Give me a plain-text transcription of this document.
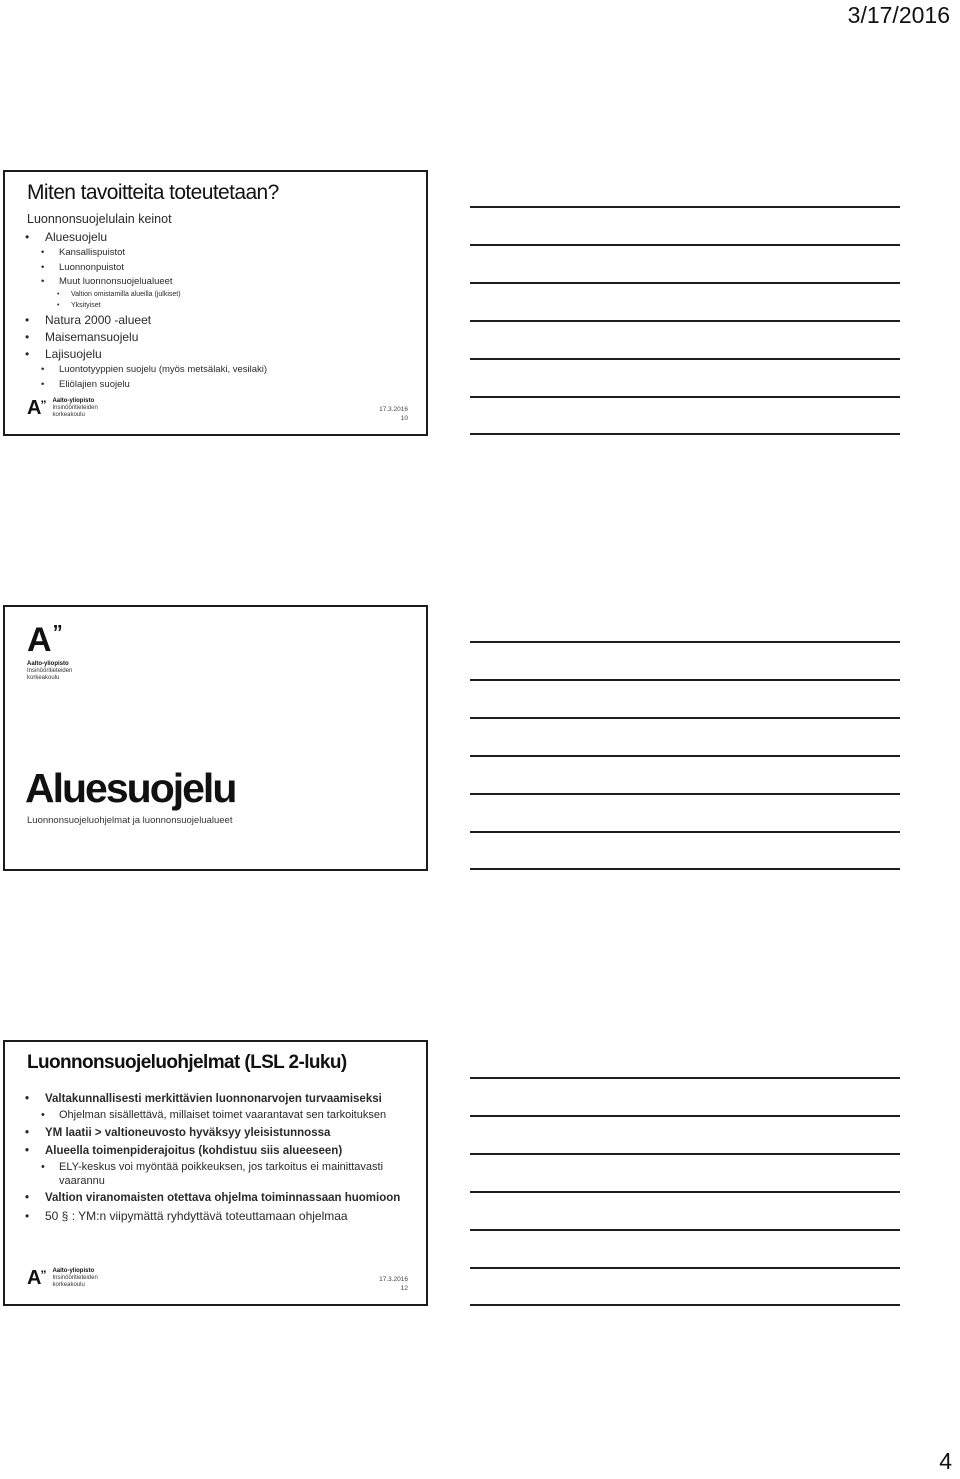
3/17/2016
Miten tavoitteita toteutetaan?
Luonnonsuojelulain keinot
• Aluesuojelu
• Kansallispuistot
• Luonnonpuistot
• Muut luonnonsuojelualueet
• Valtion omistamilla alueilla (julkiset)
• Yksityiset
• Natura 2000 -alueet
• Maisemansuojelu
• Lajisuojelu
• Luontotyyppien suojelu (myös metsälaki, vesilaki)
• Eliölajien suojelu
A ” Aalto-yliopisto
Insinööritieteiden
korkeakoulu
17.3.2016
10
A ”
Aalto-yliopisto
Insinööritieteiden
korkeakoulu
Aluesuojelu
Luonnonsuojeluohjelmat ja luonnonsuojelualueet
Luonnonsuojeluohjelmat (LSL 2-luku)
• Valtakunnallisesti merkittävien luonnonarvojen turvaamiseksi
• Ohjelman sisällettävä, millaiset toimet vaarantavat sen tarkoituksen
• YM laatii > valtioneuvosto hyväksyy yleisistunnossa
• Alueella toimenpiderajoitus (kohdistuu siis alueeseen)
• ELY-keskus voi myöntää poikkeuksen, jos tarkoitus ei mainittavasti vaarannu
• Valtion viranomaisten otettava ohjelma toiminnassaan huomioon
• 50 § : YM:n viipymättä ryhdyttävä toteuttamaan ohjelmaa
A ” Aalto-yliopisto
Insinööritieteiden
korkeakoulu
17.3.2016
12
4
